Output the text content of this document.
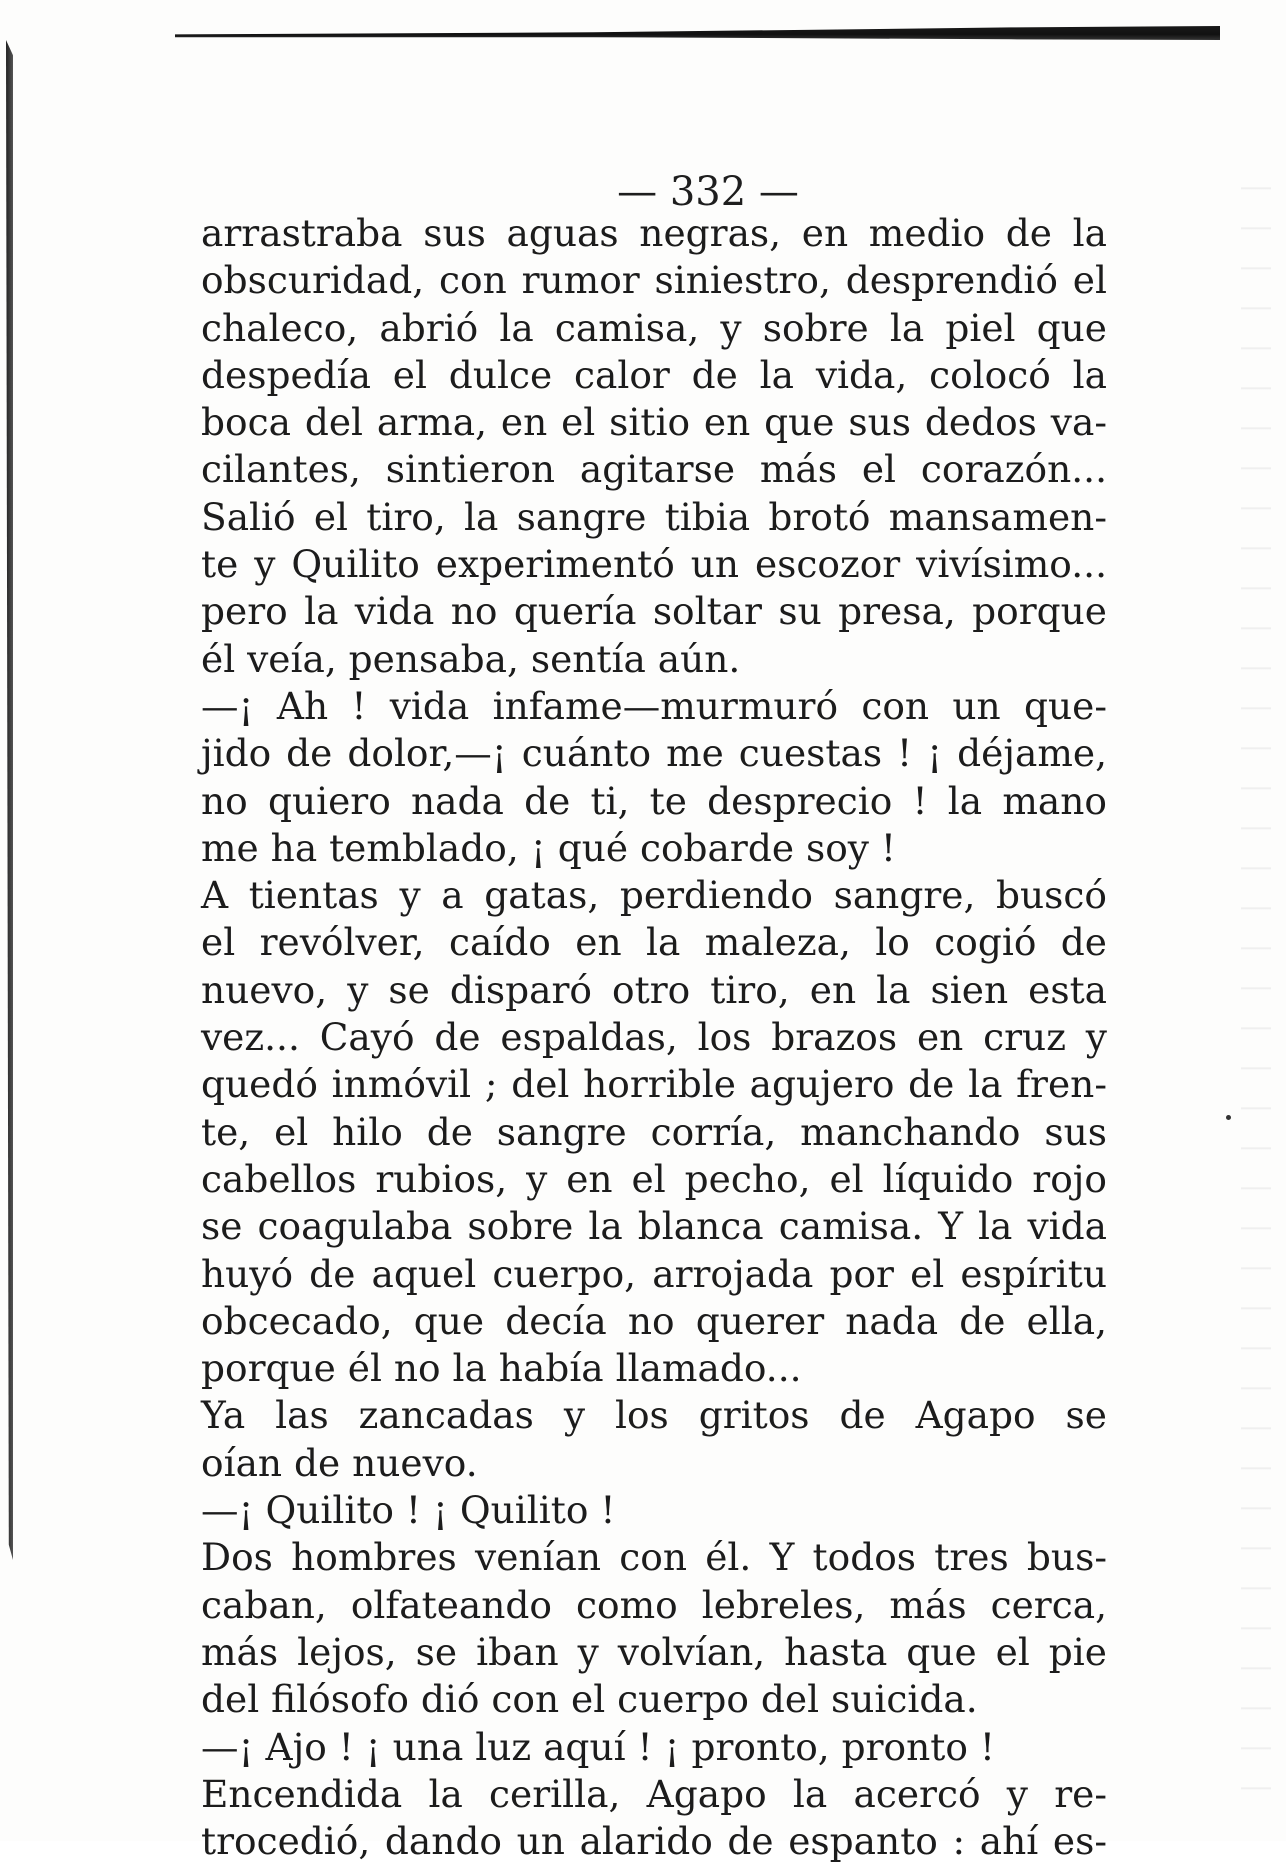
— 332 —
arrastraba sus aguas negras, en medio de la
obscuridad, con rumor siniestro, desprendió el
chaleco, abrió la camisa, y sobre la piel que
despedía el dulce calor de la vida, colocó la
boca del arma, en el sitio en que sus dedos va-
cilantes, sintieron agitarse más el corazón...
Salió el tiro, la sangre tibia brotó mansamen-
te y Quilito experimentó un escozor vivísimo...
pero la vida no quería soltar su presa, porque
él veía, pensaba, sentía aún.
—¡ Ah ! vida infame—murmuró con un que-
jido de dolor,—¡ cuánto me cuestas ! ¡ déjame,
no quiero nada de ti, te desprecio ! la mano
me ha temblado, ¡ qué cobarde soy !
A tientas y a gatas, perdiendo sangre, buscó
el revólver, caído en la maleza, lo cogió de
nuevo, y se disparó otro tiro, en la sien esta
vez... Cayó de espaldas, los brazos en cruz y
quedó inmóvil ; del horrible agujero de la fren-
te, el hilo de sangre corría, manchando sus
cabellos rubios, y en el pecho, el líquido rojo
se coagulaba sobre la blanca camisa. Y la vida
huyó de aquel cuerpo, arrojada por el espíritu
obcecado, que decía no querer nada de ella,
porque él no la había llamado...
Ya las zancadas y los gritos de Agapo se
oían de nuevo.
—¡ Quilito ! ¡ Quilito !
Dos hombres venían con él. Y todos tres bus-
caban, olfateando como lebreles, más cerca,
más lejos, se iban y volvían, hasta que el pie
del filósofo dió con el cuerpo del suicida.
—¡ Ajo ! ¡ una luz aquí ! ¡ pronto, pronto !
Encendida la cerilla, Agapo la acercó y re-
trocedió, dando un alarido de espanto : ahí es-
